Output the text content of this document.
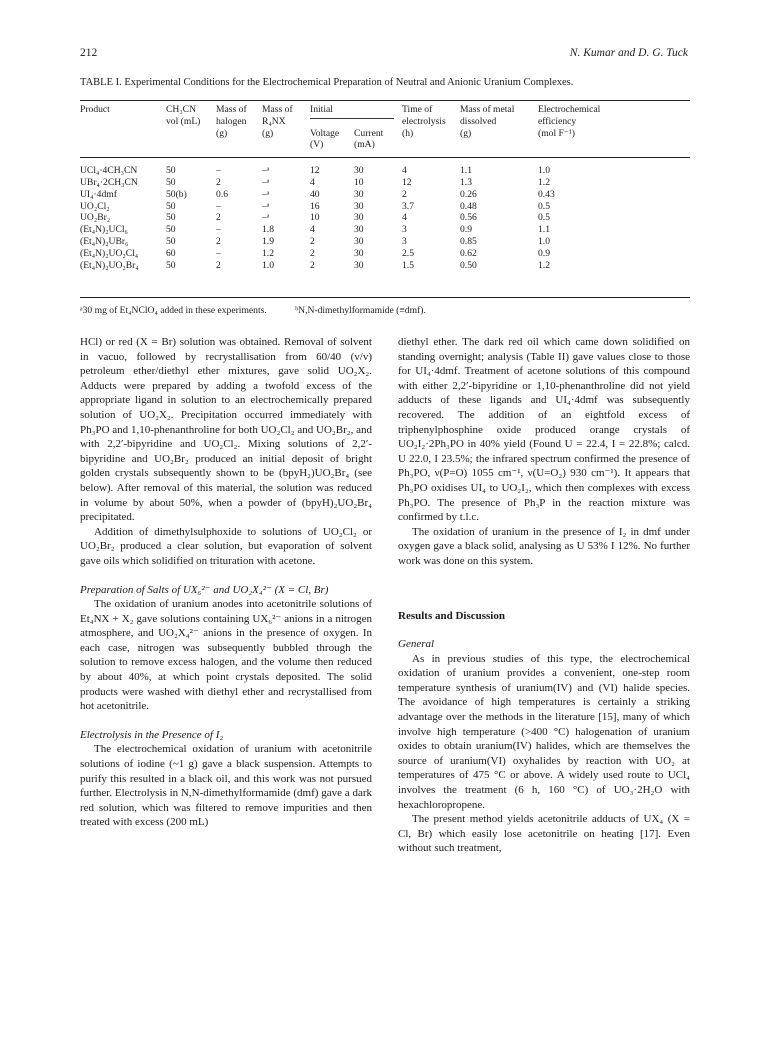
212	N. Kumar and D. G. Tuck
TABLE I. Experimental Conditions for the Electrochemical Preparation of Neutral and Anionic Uranium Complexes.
Product	CH₃CN	Mass of	Mass of	Initial		Time of	Mass of metal	Electrochemical
	vol (mL)	halogen	R₄NX			electrolysis	dissolved	efficiency
		(g)	(g)	Voltage	Current	(h)	(g)	(mol F⁻¹)
				(V)	(mA)			

UCl₄·4CH₃CN	50	–	–ᵃ	12	30	4	1.1	1.0
UBr₄·2CH₃CN	50	2	–ᵃ	4	10	12	1.3	1.2
UI₄·4dmf	50(b)	0.6	–ᵃ	40	30	2	0.26	0.43
UO₂Cl₂	50	–	–ᵃ	16	30	3.7	0.48	0.5
UO₂Br₂	50	2	–ᵃ	10	30	4	0.56	0.5
(Et₄N)₂UCl₆	50	–	1.8	4	30	3	0.9	1.1
(Et₄N)₂UBr₆	50	2	1.9	2	30	3	0.85	1.0
(Et₄N)₂UO₂Cl₄	60	–	1.2	2	30	2.5	0.62	0.9
(Et₄N)₂UO₂Br₄	50	2	1.0	2	30	1.5	0.50	1.2
ᵃ30 mg of Et₄NClO₄ added in these experiments.	ᵇN,N-dimethylformamide (≡dmf).

HCl) or red (X = Br) solution was obtained. Removal of solvent in vacuo, followed by recrystallisation from 60/40 (v/v) petroleum ether/diethyl ether mixtures, gave solid UO₂X₂. Adducts were prepared by adding a twofold excess of the appropriate ligand in solution to an electrochemically prepared solution of UO₂X₂. Precipitation occurred immediately with Ph₃PO and 1,10-phenanthroline for both UO₂Cl₂ and UO₂Br₂, and with 2,2′-bipyridine and UO₂Cl₂. Mixing solutions of 2,2′-bipyridine and UO₂Br₂ produced an initial deposit of bright golden crystals subsequently shown to be (bpyH₂)UO₂Br₄ (see below). After removal of this material, the solution was reduced in volume by about 50%, when a powder of (bpyH)₂UO₂Br₄ precipitated.

Addition of dimethylsulphoxide to solutions of UO₂Cl₂ or UO₂Br₂ produced a clear solution, but evaporation of solvent gave oils which solidified on trituration with acetone.

Preparation of Salts of UX₆²⁻ and UO₂X₄²⁻ (X = Cl, Br)

The oxidation of uranium anodes into acetonitrile solutions of Et₄NX + X₂ gave solutions containing UX₆²⁻ anions in a nitrogen atmosphere, and UO₂X₄²⁻ anions in the presence of oxygen. In each case, nitrogen was subsequently bubbled through the solution to remove excess halogen, and the volume then reduced by about 40%, at which point crystals deposited. The solid products were washed with diethyl ether and recrystallised from hot acetonitrile.

Electrolysis in the Presence of I₂

The electrochemical oxidation of uranium with acetonitrile solutions of iodine (~1 g) gave a black suspension. Attempts to purify this resulted in a black oil, and this work was not pursued further. Electrolysis in N,N-dimethylformamide (dmf) gave a dark red solution, which was filtered to remove impurities and then treated with excess (200 mL)

diethyl ether. The dark red oil which came down solidified on standing overnight; analysis (Table II) gave values close to those for UI₄·4dmf. Treatment of acetone solutions of this compound with either 2,2′-bipyridine or 1,10-phenanthroline did not yield adducts of these ligands and UI₄·4dmf was subsequently recovered. The addition of an eightfold excess of triphenylphosphine oxide produced orange crystals of UO₂I₂·2Ph₃PO in 40% yield (Found U = 22.4, I = 22.8%; calcd. U 22.0, I 23.5%; the infrared spectrum confirmed the presence of Ph₃PO, ν(P=O) 1055 cm⁻¹, ν(U=O₂) 930 cm⁻¹). It appears that Ph₃PO oxidises UI₄ to UO₂I₂, which then complexes with excess Ph₃PO. The presence of Ph₃P in the reaction mixture was confirmed by t.l.c.

The oxidation of uranium in the presence of I₂ in dmf under oxygen gave a black solid, analysing as U 53% I 12%. No further work was done on this system.

Results and Discussion

General

As in previous studies of this type, the electrochemical oxidation of uranium provides a convenient, one-step room temperature synthesis of uranium(IV) and (VI) halide species. The avoidance of high temperatures is certainly a striking advantage over the methods in the literature [15], many of which involve high temperature (>400 °C) halogenation of uranium oxides to obtain uranium(IV) halides, which are themselves the source of uranium(VI) oxyhalides by reaction with UO₂ at temperatures of 475 °C or above. A widely used route to UCl₄ involves the treatment (6 h, 160 °C) of UO₃·2H₂O with hexachloropropene.

The present method yields acetonitrile adducts of UX₄ (X = Cl, Br) which easily lose acetonitrile on heating [17]. Even without such treatment,
